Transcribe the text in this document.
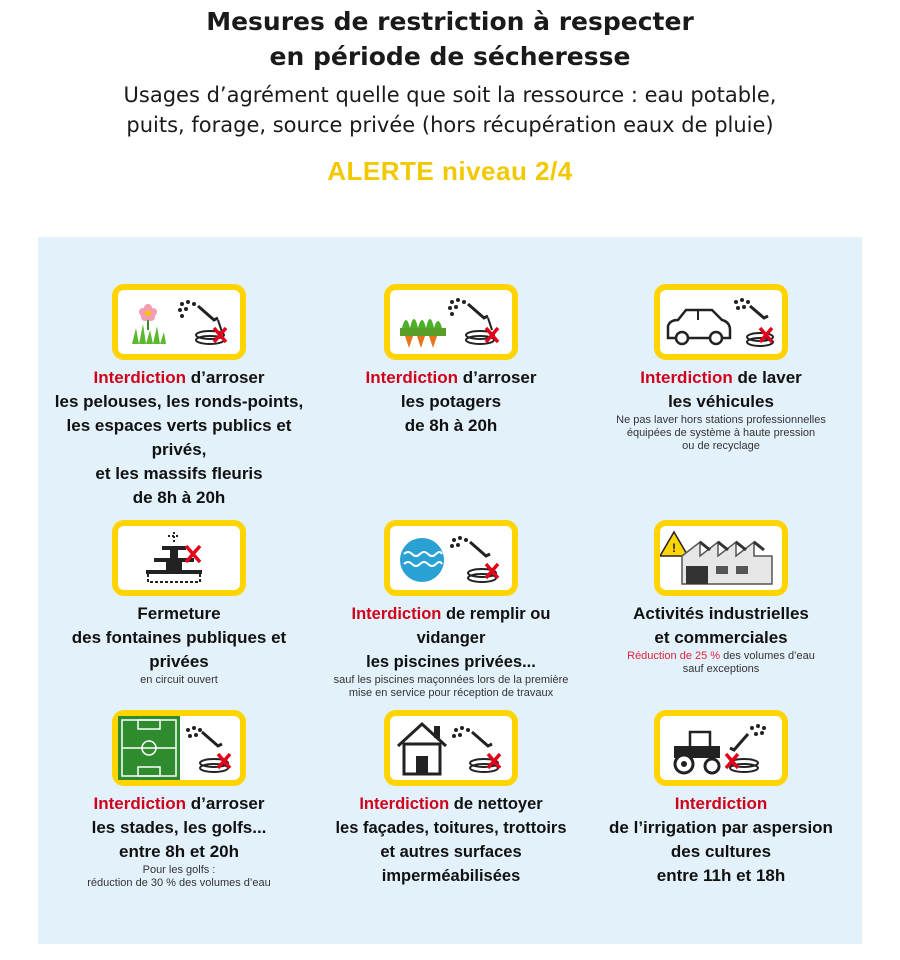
Mesures de restriction à respecter
en période de sécheresse
Usages d’agrément quelle que soit la ressource : eau potable,
puits, forage, source privée (hors récupération eaux de pluie)
ALERTE niveau 2/4
Interdiction d’arroser
les pelouses, les ronds-points,
les espaces verts publics et privés,
et les massifs fleuris
de 8h à 20h
Interdiction d’arroser
les potagers
de 8h à 20h
Interdiction de laver
les véhicules
Ne pas laver hors stations professionnelles
équipées de système à haute pression
ou de recyclage
Fermeture
des fontaines publiques et privées
en circuit ouvert
Interdiction de remplir ou vidanger
les piscines privées...
sauf les piscines maçonnées lors de la première
mise en service pour réception de travaux
!
Activités industrielles
et commerciales
Réduction de 25 % des volumes d’eau
sauf exceptions
Interdiction d’arroser
les stades, les golfs...
entre 8h et 20h
Pour les golfs :
réduction de 30 % des volumes d’eau
Interdiction de nettoyer
les façades, toitures, trottoirs
et autres surfaces imperméabilisées
Interdiction
de l’irrigation par aspersion
des cultures
entre 11h et 18h
